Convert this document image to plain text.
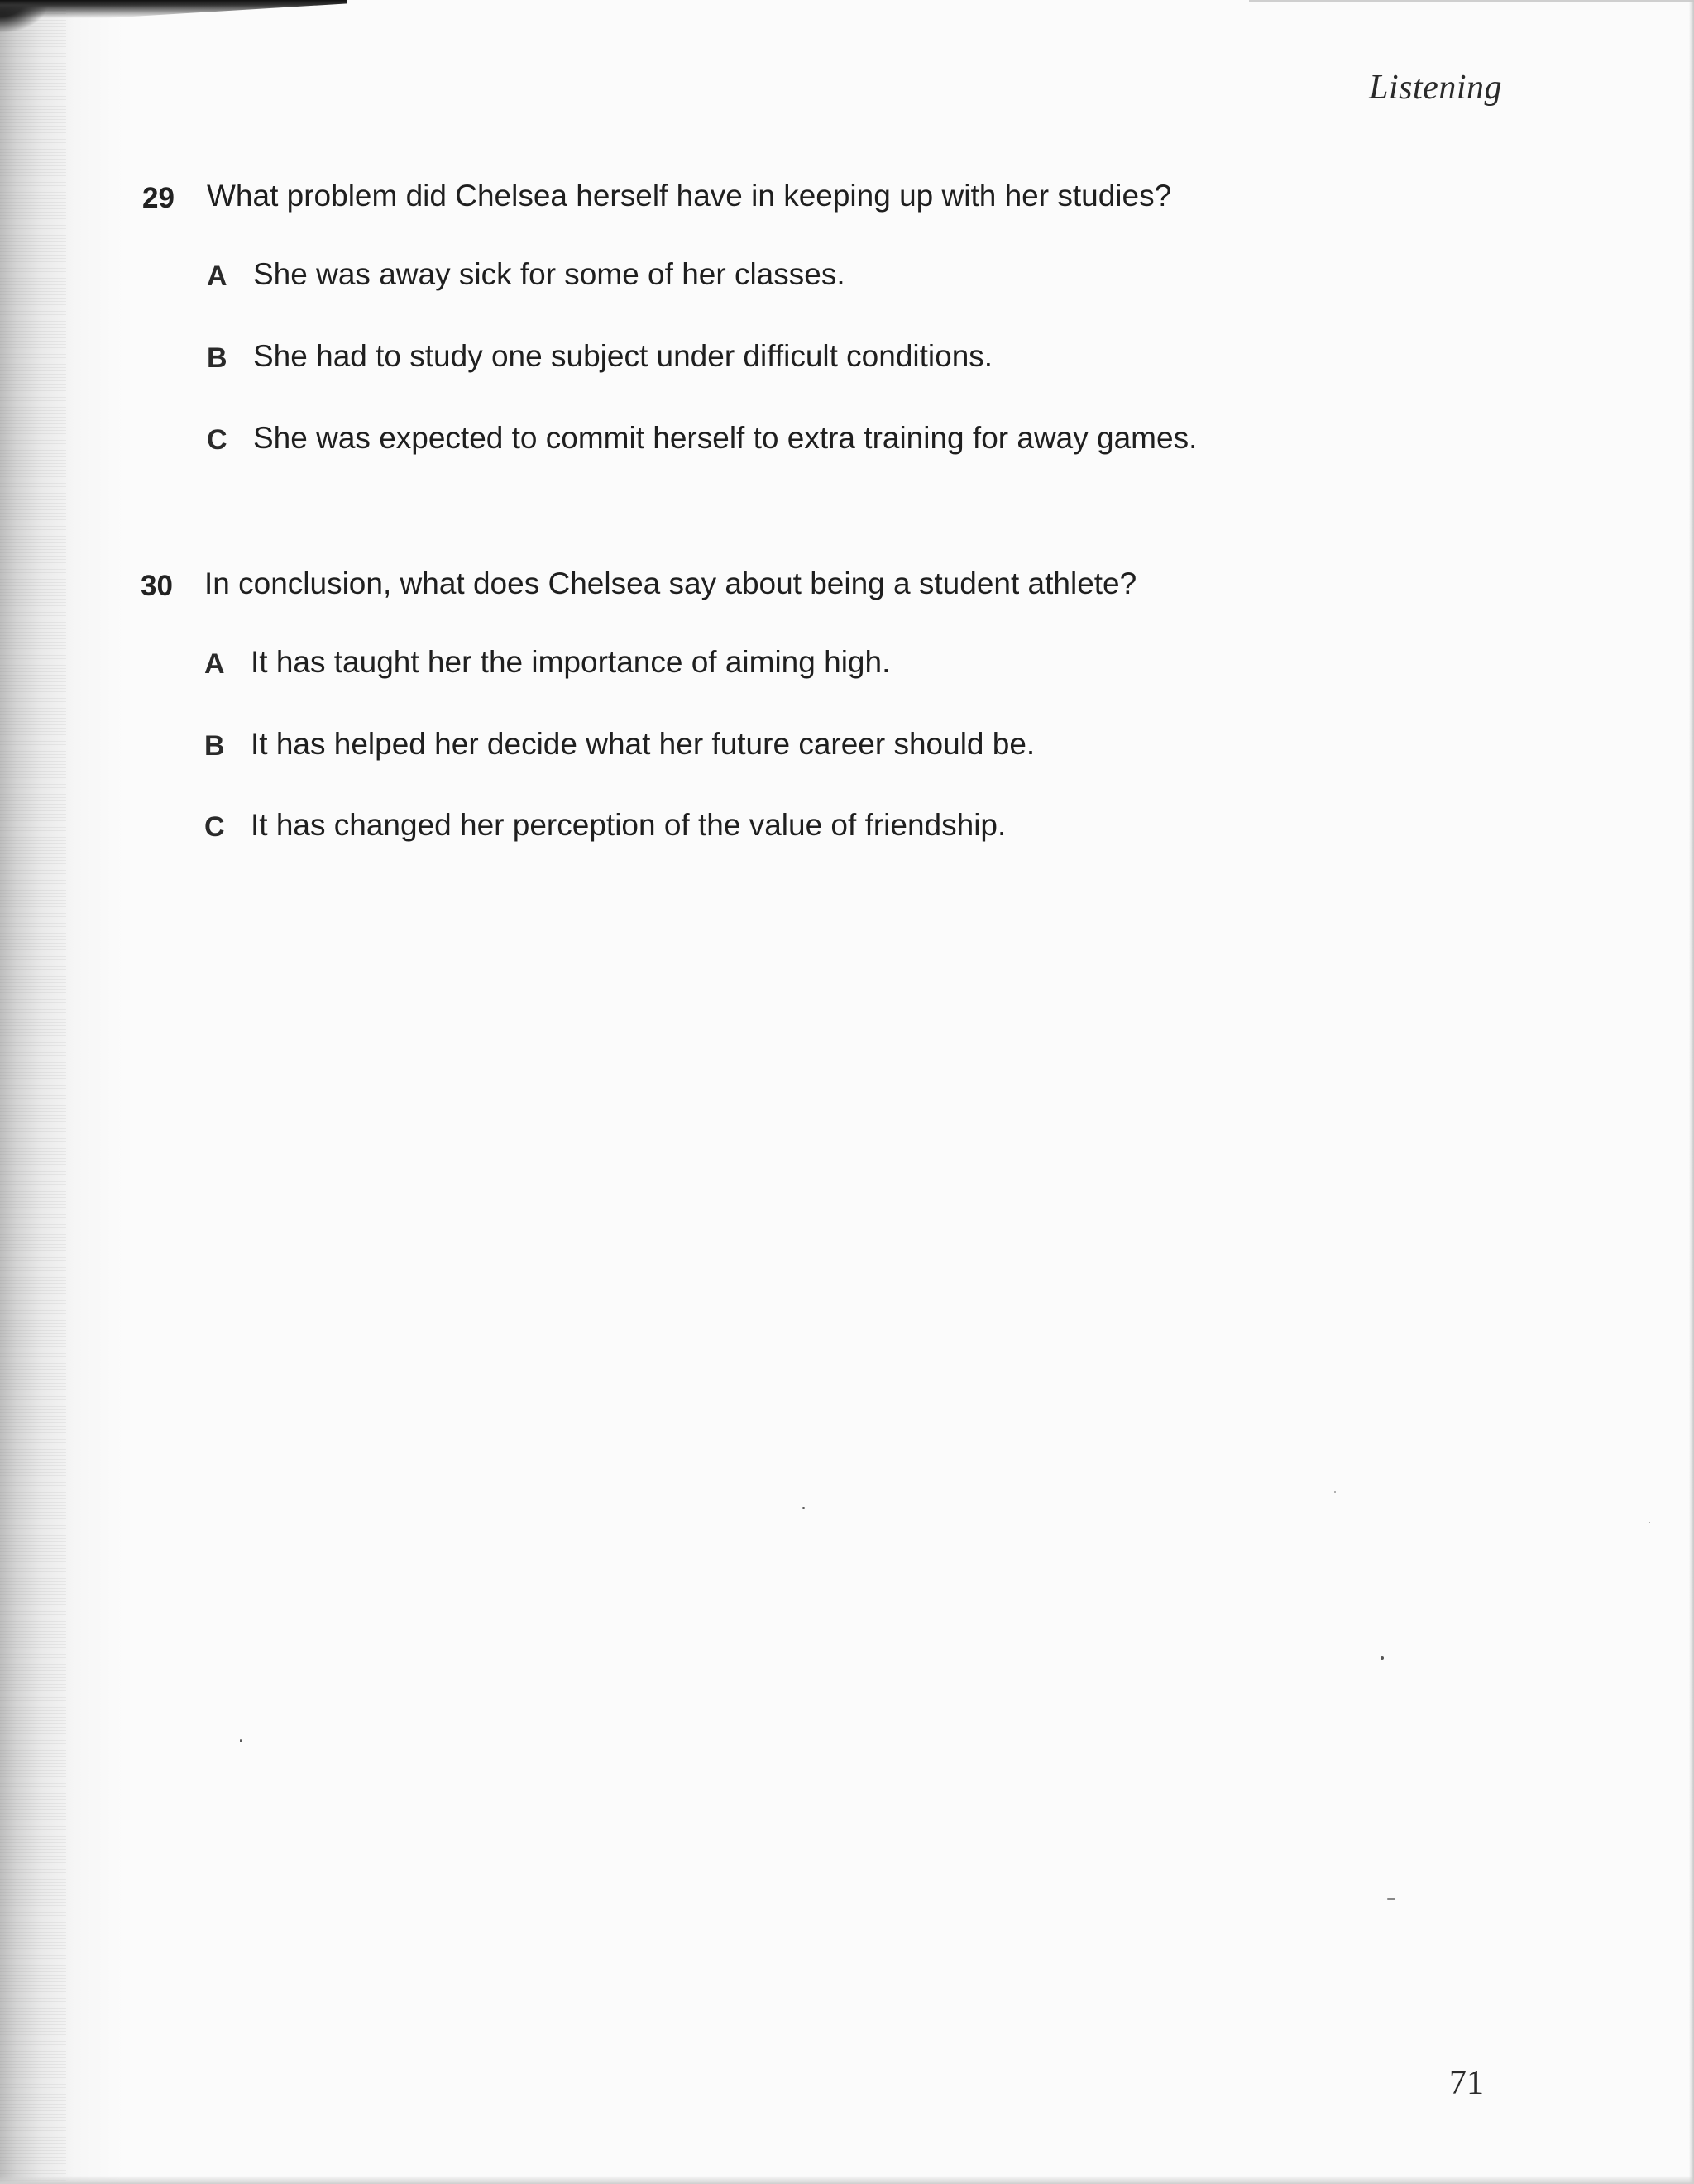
Listening
29 What problem did Chelsea herself have in keeping up with her studies?
A She was away sick for some of her classes.
B She had to study one subject under difficult conditions.
C She was expected to commit herself to extra training for away games.
30 In conclusion, what does Chelsea say about being a student athlete?
A It has taught her the importance of aiming high.
B It has helped her decide what her future career should be.
C It has changed her perception of the value of friendship.
71
